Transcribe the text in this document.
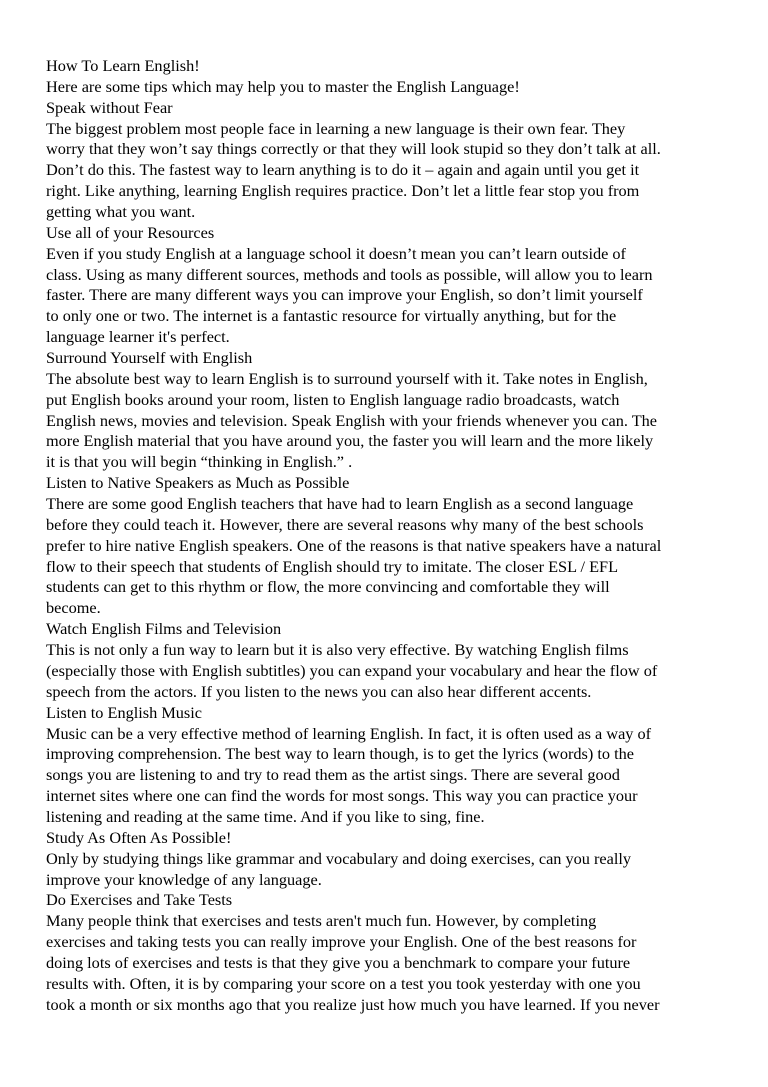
How To Learn English!
Here are some tips which may help you to master the English Language!
Speak without Fear
The biggest problem most people face in learning a new language is their own fear. They
worry that they won’t say things correctly or that they will look stupid so they don’t talk at all.
Don’t do this. The fastest way to learn anything is to do it – again and again until you get it
right. Like anything, learning English requires practice. Don’t let a little fear stop you from
getting what you want.
Use all of your Resources
Even if you study English at a language school it doesn’t mean you can’t learn outside of
class. Using as many different sources, methods and tools as possible, will allow you to learn
faster. There are many different ways you can improve your English, so don’t limit yourself
to only one or two. The internet is a fantastic resource for virtually anything, but for the
language learner it's perfect.
Surround Yourself with English
The absolute best way to learn English is to surround yourself with it. Take notes in English,
put English books around your room, listen to English language radio broadcasts, watch
English news, movies and television. Speak English with your friends whenever you can. The
more English material that you have around you, the faster you will learn and the more likely
it is that you will begin “thinking in English.” .
Listen to Native Speakers as Much as Possible
There are some good English teachers that have had to learn English as a second language
before they could teach it. However, there are several reasons why many of the best schools
prefer to hire native English speakers. One of the reasons is that native speakers have a natural
flow to their speech that students of English should try to imitate. The closer ESL / EFL
students can get to this rhythm or flow, the more convincing and comfortable they will
become.
Watch English Films and Television
This is not only a fun way to learn but it is also very effective. By watching English films
(especially those with English subtitles) you can expand your vocabulary and hear the flow of
speech from the actors. If you listen to the news you can also hear different accents.
Listen to English Music
Music can be a very effective method of learning English. In fact, it is often used as a way of
improving comprehension. The best way to learn though, is to get the lyrics (words) to the
songs you are listening to and try to read them as the artist sings. There are several good
internet sites where one can find the words for most songs. This way you can practice your
listening and reading at the same time. And if you like to sing, fine.
Study As Often As Possible!
Only by studying things like grammar and vocabulary and doing exercises, can you really
improve your knowledge of any language.
Do Exercises and Take Tests
Many people think that exercises and tests aren't much fun. However, by completing
exercises and taking tests you can really improve your English. One of the best reasons for
doing lots of exercises and tests is that they give you a benchmark to compare your future
results with. Often, it is by comparing your score on a test you took yesterday with one you
took a month or six months ago that you realize just how much you have learned. If you never
